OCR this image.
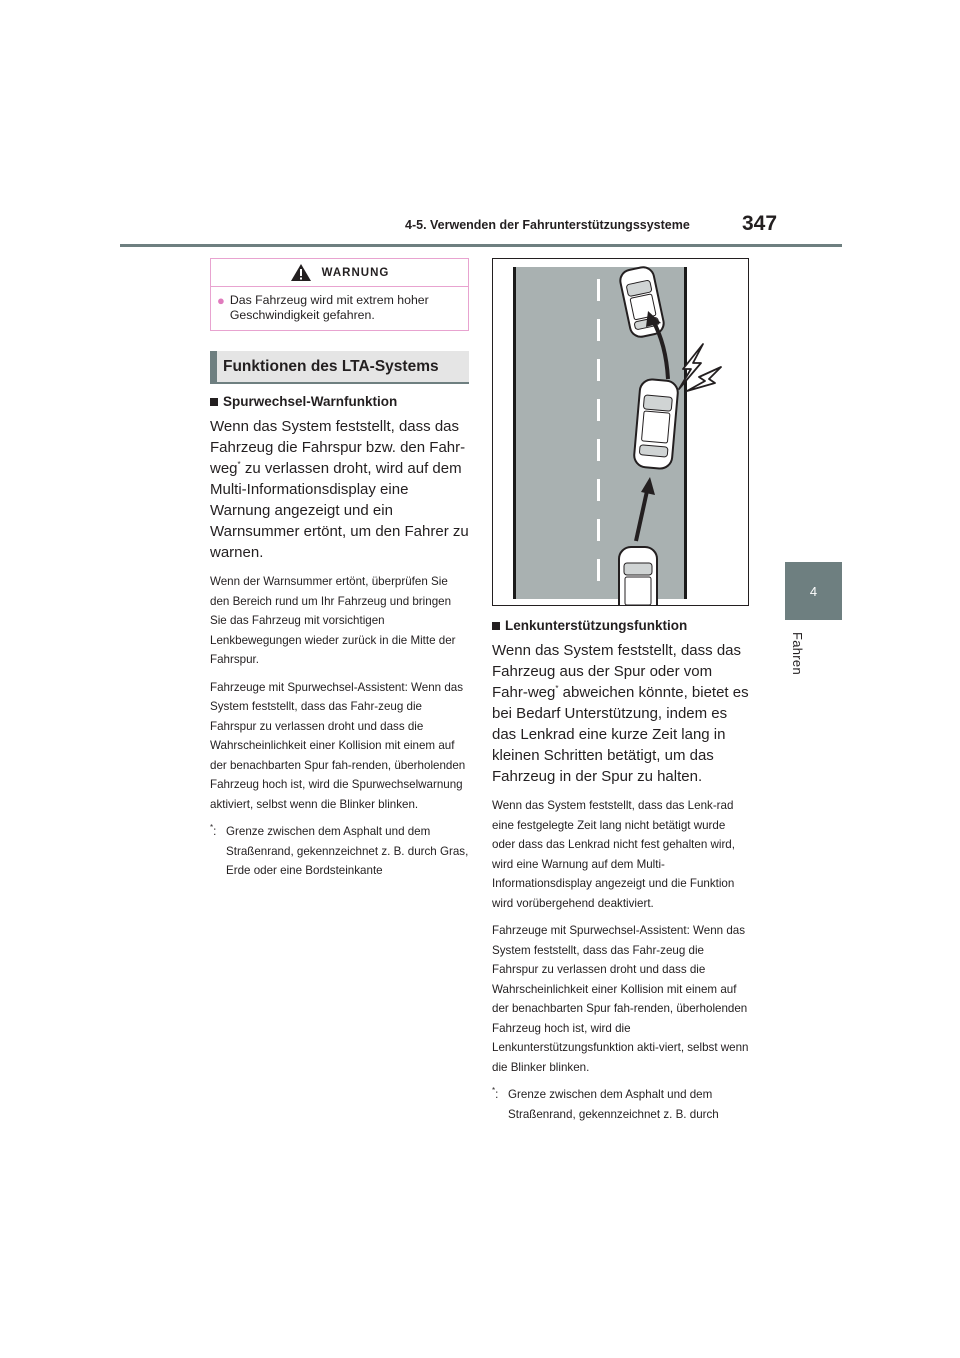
4-5. Verwenden der Fahrunterstützungssysteme 347
4
Fahren
WARNUNG
● Das Fahrzeug wird mit extrem hoher Geschwindigkeit gefahren.
Funktionen des LTA-Systems
Spurwechsel-Warnfunktion

Wenn das System feststellt, dass das Fahrzeug die Fahrspur bzw. den Fahr-weg* zu verlassen droht, wird auf dem Multi-Informationsdisplay eine Warnung angezeigt und ein Warnsummer ertönt, um den Fahrer zu warnen.

Wenn der Warnsummer ertönt, überprüfen Sie den Bereich rund um Ihr Fahrzeug und bringen Sie das Fahrzeug mit vorsichtigen Lenkbewegungen wieder zurück in die Mitte der Fahrspur.

Fahrzeuge mit Spurwechsel-Assistent: Wenn das System feststellt, dass das Fahr-zeug die Fahrspur zu verlassen droht und dass die Wahrscheinlichkeit einer Kollision mit einem auf der benachbarten Spur fah-renden, überholenden Fahrzeug hoch ist, wird die Spurwechselwarnung aktiviert, selbst wenn die Blinker blinken.

*: Grenze zwischen dem Asphalt und dem Straßenrand, gekennzeichnet z. B. durch Gras, Erde oder eine Bordsteinkante
Lenkunterstützungsfunktion

Wenn das System feststellt, dass das Fahrzeug aus der Spur oder vom Fahr-weg* abweichen könnte, bietet es bei Bedarf Unterstützung, indem es das Lenkrad eine kurze Zeit lang in kleinen Schritten betätigt, um das Fahrzeug in der Spur zu halten.

Wenn das System feststellt, dass das Lenk-rad eine festgelegte Zeit lang nicht betätigt wurde oder dass das Lenkrad nicht fest gehalten wird, wird eine Warnung auf dem Multi-Informationsdisplay angezeigt und die Funktion wird vorübergehend deaktiviert.

Fahrzeuge mit Spurwechsel-Assistent: Wenn das System feststellt, dass das Fahr-zeug die Fahrspur zu verlassen droht und dass die Wahrscheinlichkeit einer Kollision mit einem auf der benachbarten Spur fah-renden, überholenden Fahrzeug hoch ist, wird die Lenkunterstützungsfunktion akti-viert, selbst wenn die Blinker blinken.

*: Grenze zwischen dem Asphalt und dem Straßenrand, gekennzeichnet z. B. durch
